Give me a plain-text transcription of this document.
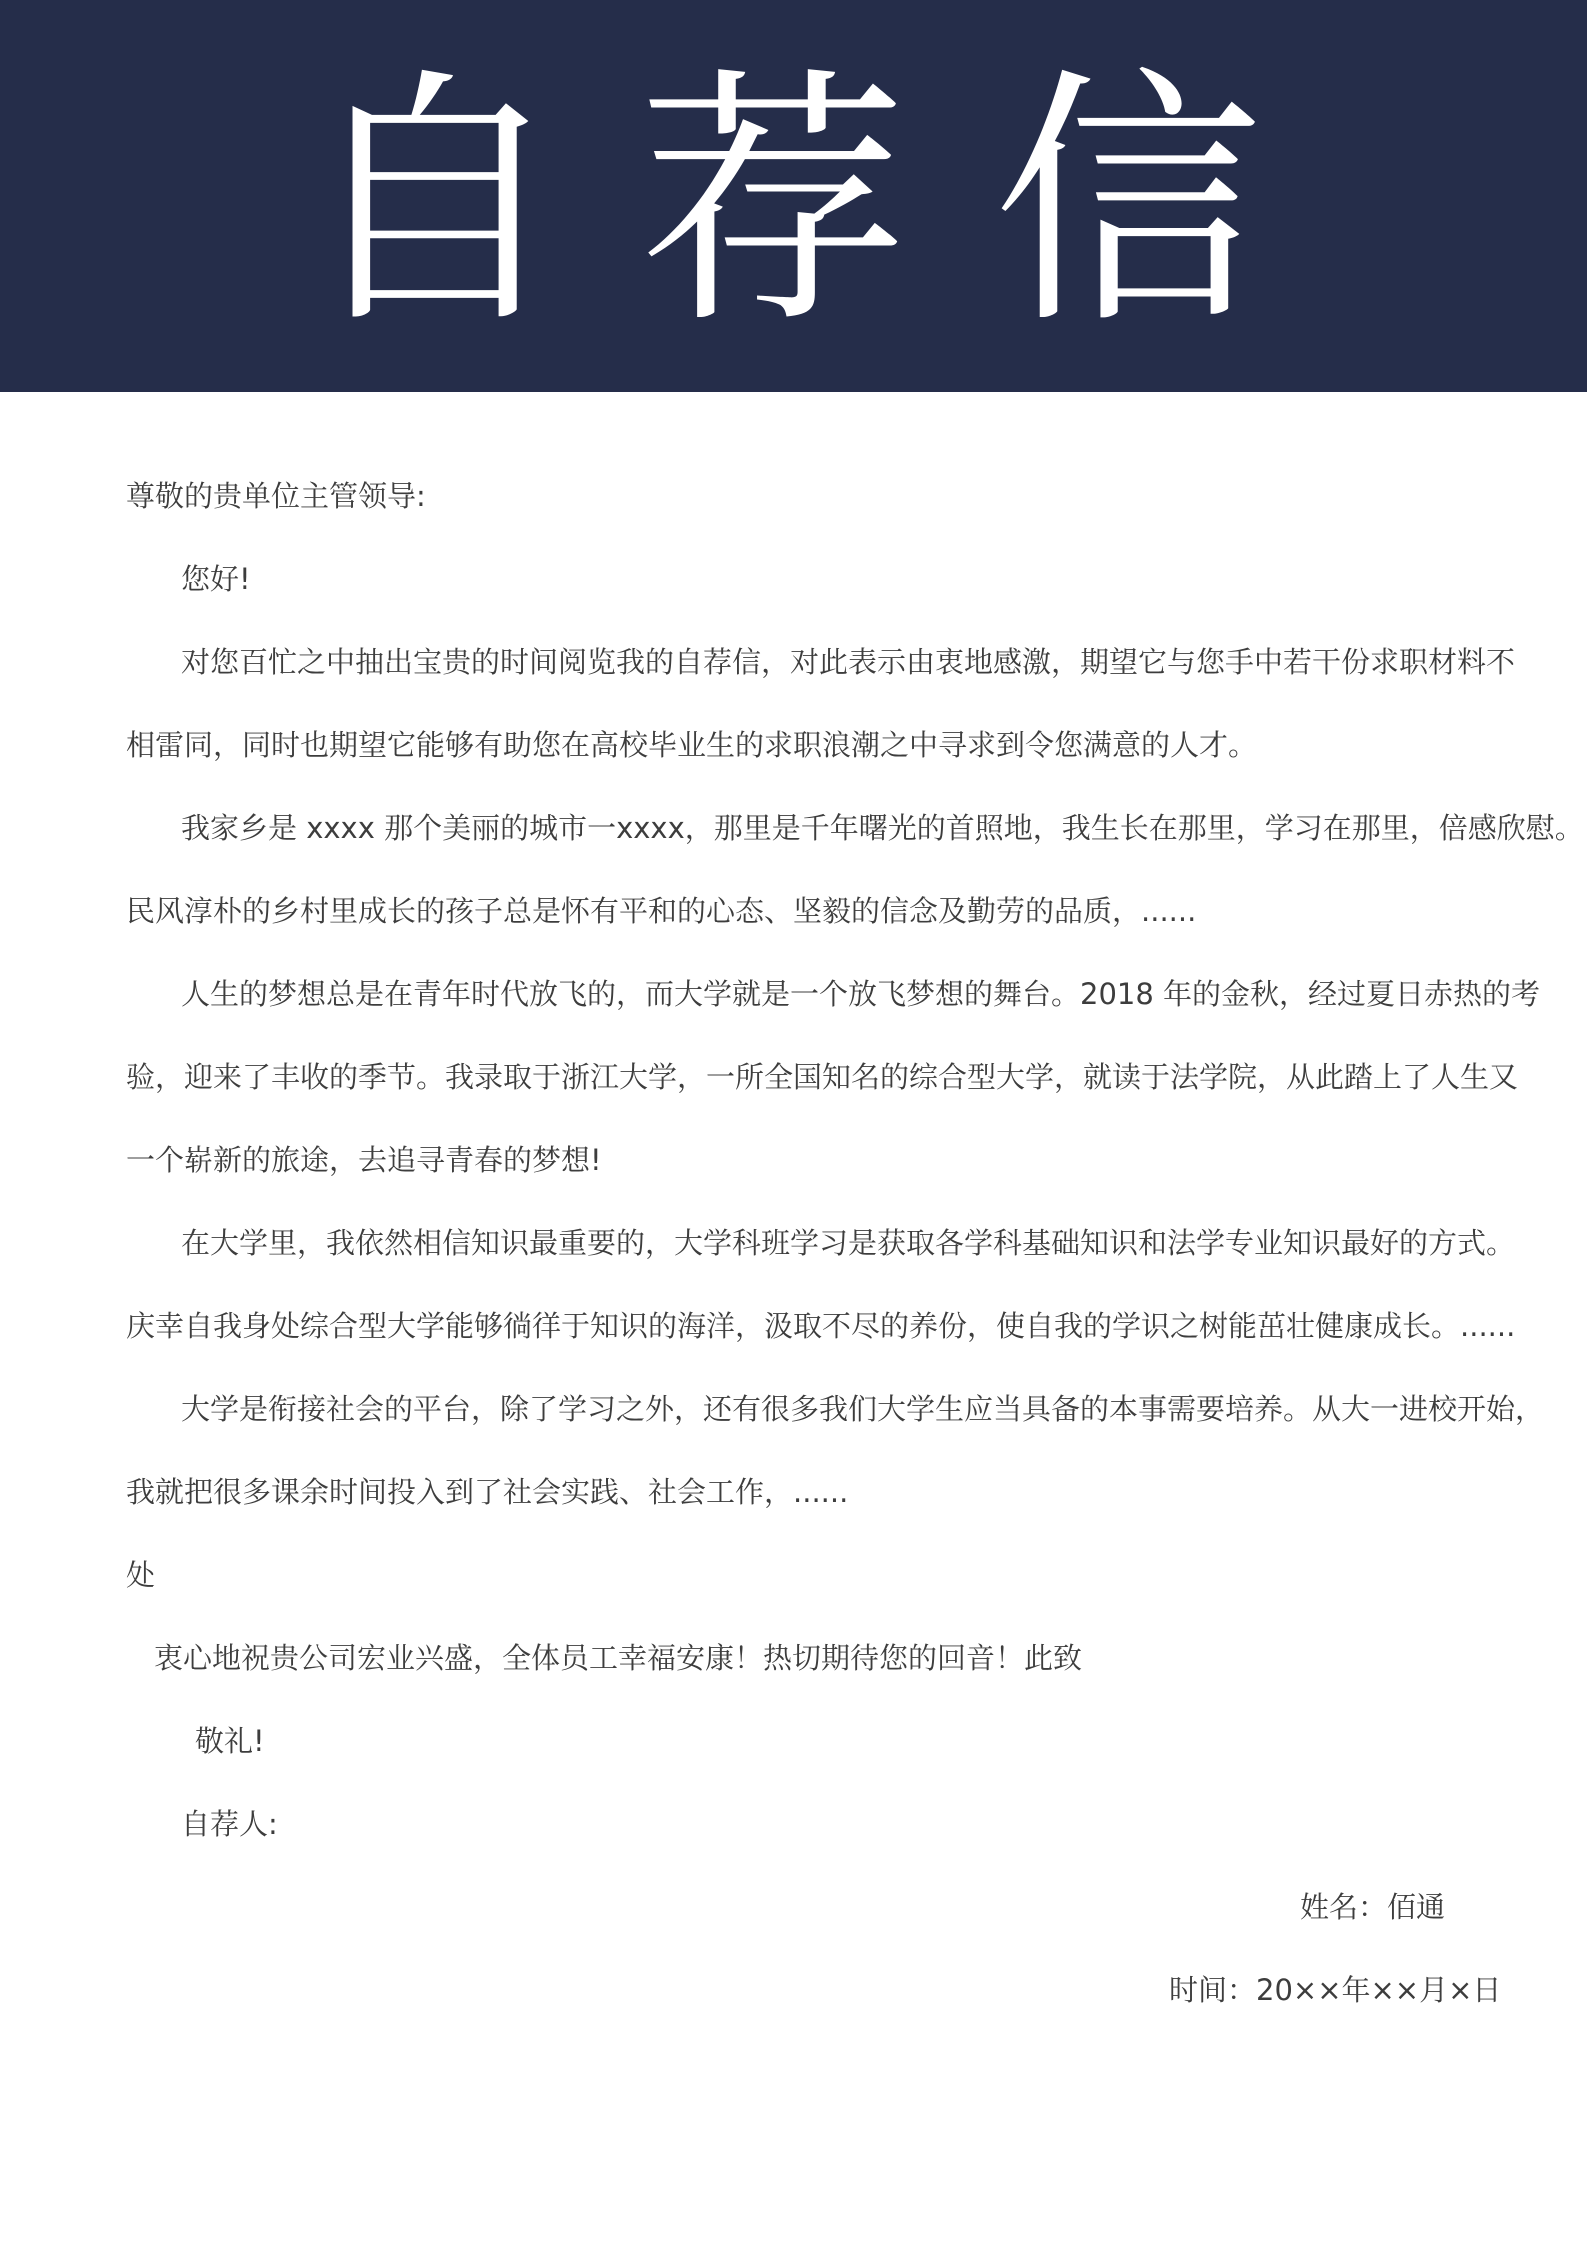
自 荐 信
尊敬的贵单位主管领导:
您好!
对您百忙之中抽出宝贵的时间阅览我的自荐信，对此表示由衷地感激，期望它与您手中若干份求职材料不
相雷同，同时也期望它能够有助您在高校毕业生的求职浪潮之中寻求到令您满意的人才。
我家乡是 xxxx 那个美丽的城市一xxxx，那里是千年曙光的首照地，我生长在那里，学习在那里，倍感欣慰。
民风淳朴的乡村里成长的孩子总是怀有平和的心态、坚毅的信念及勤劳的品质，......
人生的梦想总是在青年时代放飞的，而大学就是一个放飞梦想的舞台。2018 年的金秋，经过夏日赤热的考
验，迎来了丰收的季节。我录取于浙江大学，一所全国知名的综合型大学，就读于法学院，从此踏上了人生又
一个崭新的旅途，去追寻青春的梦想!
在大学里，我依然相信知识最重要的，大学科班学习是获取各学科基础知识和法学专业知识最好的方式。
庆幸自我身处综合型大学能够徜徉于知识的海洋，汲取不尽的养份，使自我的学识之树能茁壮健康成长。......
大学是衔接社会的平台，除了学习之外，还有很多我们大学生应当具备的本事需要培养。从大一进校开始，
我就把很多课余时间投入到了社会实践、社会工作，......
处
衷心地祝贵公司宏业兴盛，全体员工幸福安康！热切期待您的回音！此致
敬礼!
自荐人:
姓名：佰通
时间：20××年××月×日
